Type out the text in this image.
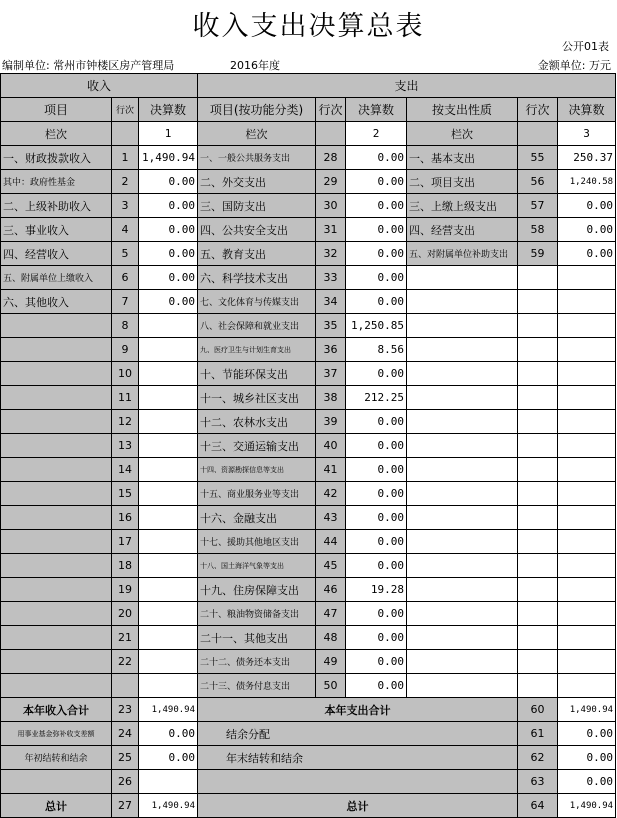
收入支出决算总表
公开01表
编制单位: 常州市钟楼区房产管理局	2016年度	金额单位: 万元
收入			支出					
项目	行次	决算数	项目(按功能分类)	行次	决算数	按支出性质	行次	决算数
栏次		1	栏次		2	栏次		3
一、财政拨款收入	1	1,490.94	一、一般公共服务支出	28	0.00	一、基本支出	55	250.37
其中：政府性基金	2	0.00	二、外交支出	29	0.00	二、项目支出	56	1,240.58
二、上级补助收入	3	0.00	三、国防支出	30	0.00	三、上缴上级支出	57	0.00
三、事业收入	4	0.00	四、公共安全支出	31	0.00	四、经营支出	58	0.00
四、经营收入	5	0.00	五、教育支出	32	0.00	五、对附属单位补助支出	59	0.00
五、附属单位上缴收入	6	0.00	六、科学技术支出	33	0.00			
六、其他收入	7	0.00	七、文化体育与传媒支出	34	0.00			
	8		八、社会保障和就业支出	35	1,250.85			
	9		九、医疗卫生与计划生育支出	36	8.56			
	10		十、节能环保支出	37	0.00			
	11		十一、城乡社区支出	38	212.25			
	12		十二、农林水支出	39	0.00			
	13		十三、交通运输支出	40	0.00			
	14		十四、资源勘探信息等支出	41	0.00			
	15		十五、商业服务业等支出	42	0.00			
	16		十六、金融支出	43	0.00			
	17		十七、援助其他地区支出	44	0.00			
	18		十八、国土海洋气象等支出	45	0.00			
	19		十九、住房保障支出	46	19.28			
	20		二十、粮油物资储备支出	47	0.00			
	21		二十一、其他支出	48	0.00			
	22		二十二、债务还本支出	49	0.00			
			二十三、债务付息支出	50	0.00			
本年收入合计	23	1,490.94	本年支出合计				60	1,490.94
用事业基金弥补收支差额	24	0.00	结余分配				61	0.00
年初结转和结余	25	0.00	年末结转和结余				62	0.00
	26						63	0.00
总计	27	1,490.94	总计				64	1,490.94
